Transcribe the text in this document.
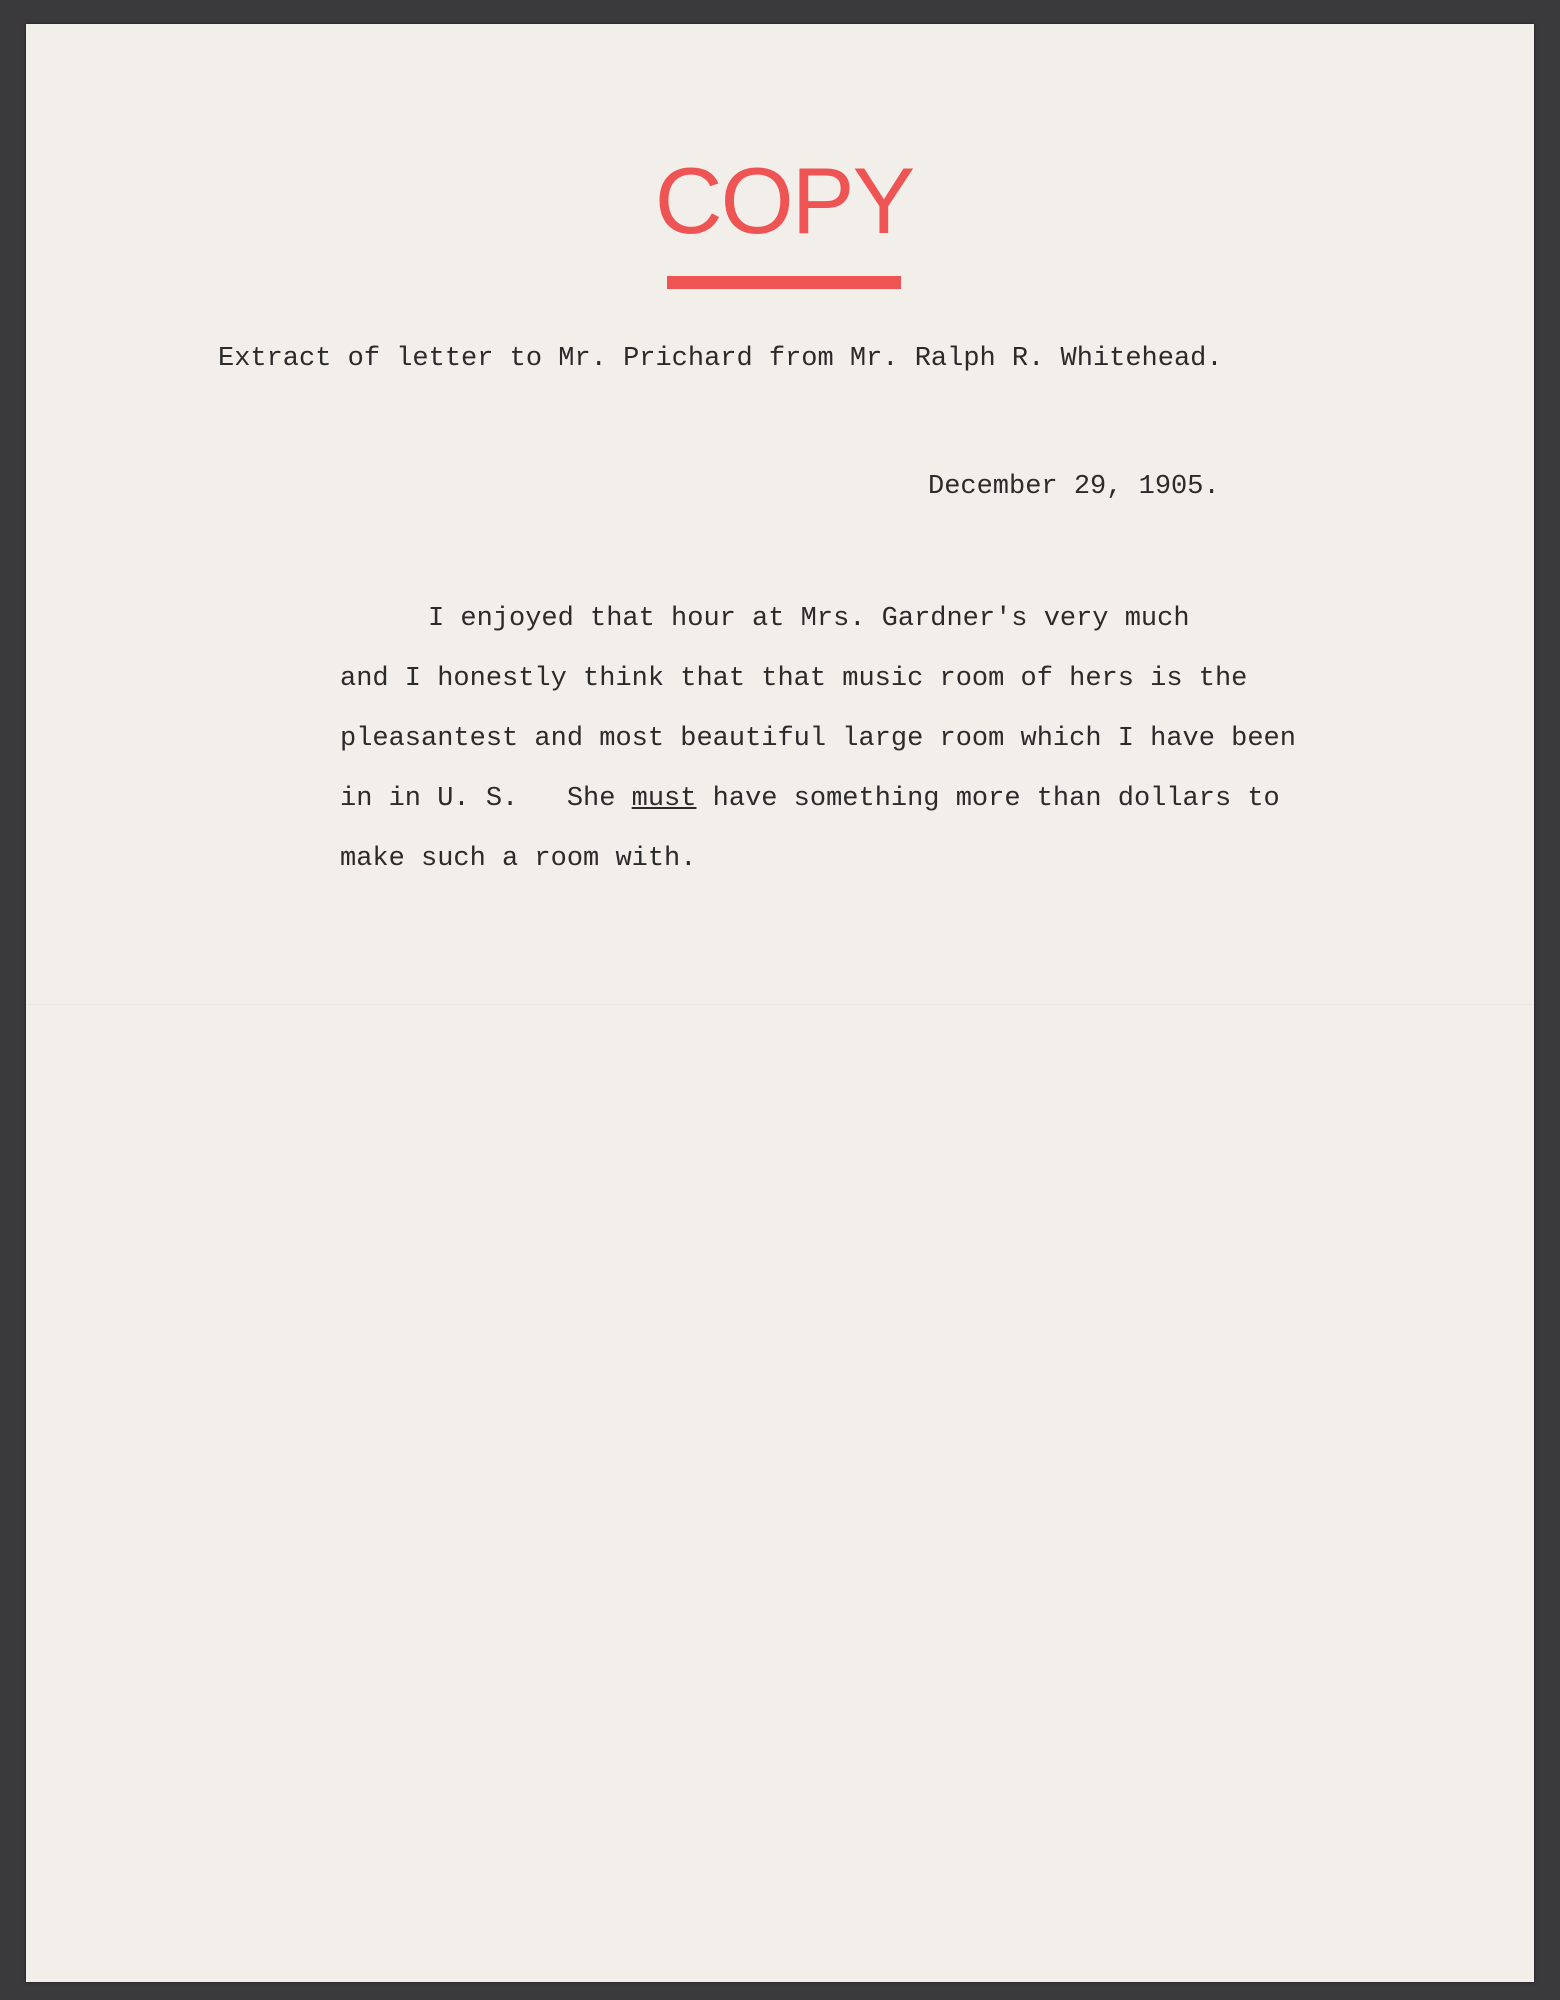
COPY
Extract of letter to Mr. Prichard from Mr. Ralph R. Whitehead.
December 29, 1905.
I enjoyed that hour at Mrs. Gardner's very much
and I honestly think that that music room of hers is the
pleasantest and most beautiful large room which I have been
in in U. S.   She must have something more than dollars to
make such a room with.
